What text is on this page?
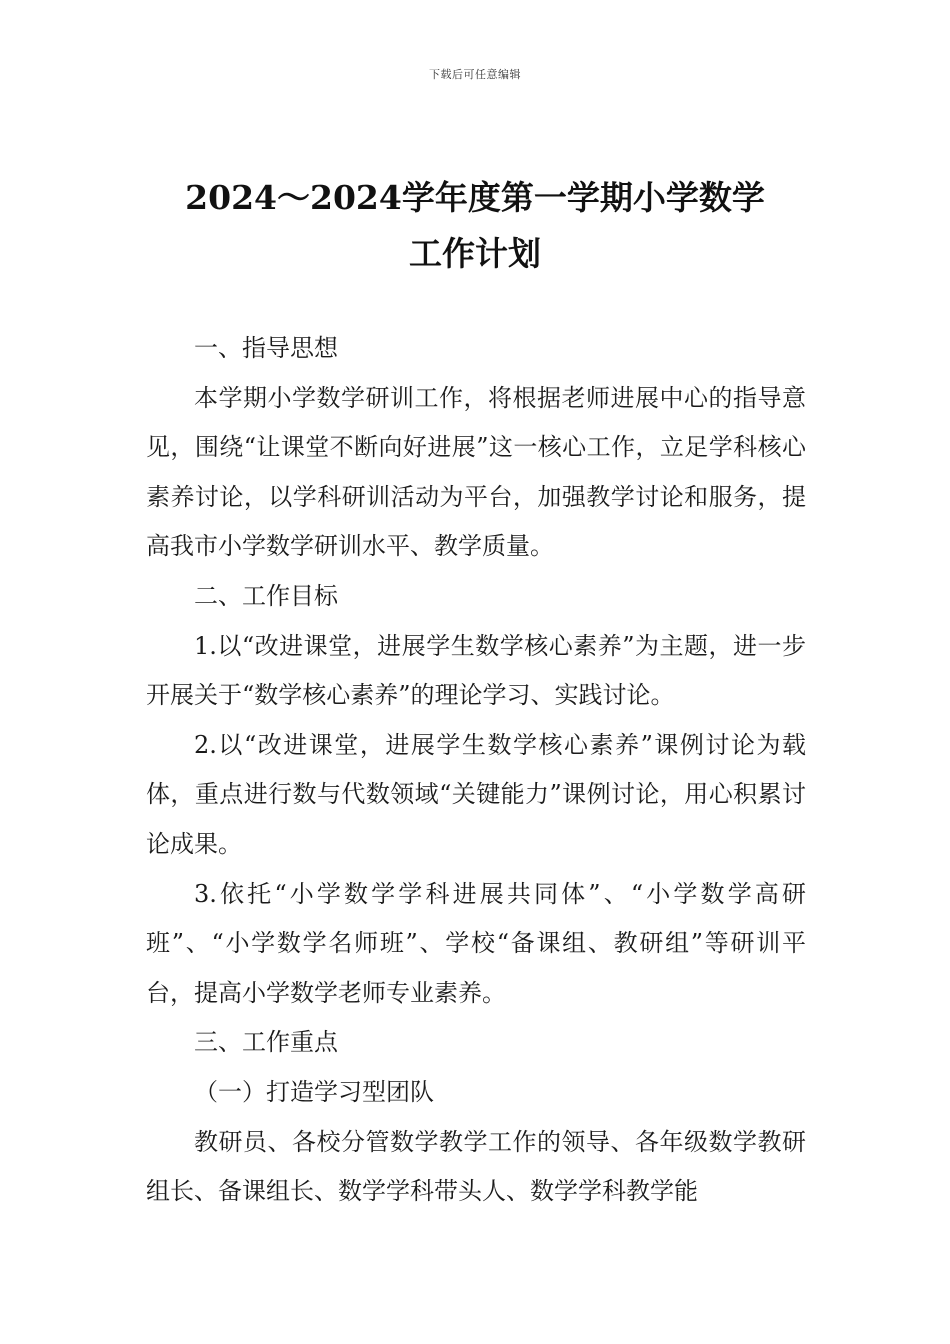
下载后可任意编辑
2024～2024学年度第一学期小学数学
工作计划

一、指导思想

本学期小学数学研训工作，将根据老师进展中心的指导意见，围绕“让课堂不断向好进展”这一核心工作，立足学科核心素养讨论，以学科研训活动为平台，加强教学讨论和服务，提高我市小学数学研训水平、教学质量。

二、工作目标

1.以“改进课堂，进展学生数学核心素养”为主题，进一步开展关于“数学核心素养”的理论学习、实践讨论。

2.以“改进课堂，进展学生数学核心素养”课例讨论为载体，重点进行数与代数领域“关键能力”课例讨论，用心积累讨论成果。

3.依托“小学数学学科进展共同体”、“小学数学高研班”、“小学数学名师班”、学校“备课组、教研组”等研训平台，提高小学数学老师专业素养。

三、工作重点

（一）打造学习型团队

教研员、各校分管数学教学工作的领导、各年级数学教研组长、备课组长、数学学科带头人、数学学科教学能
